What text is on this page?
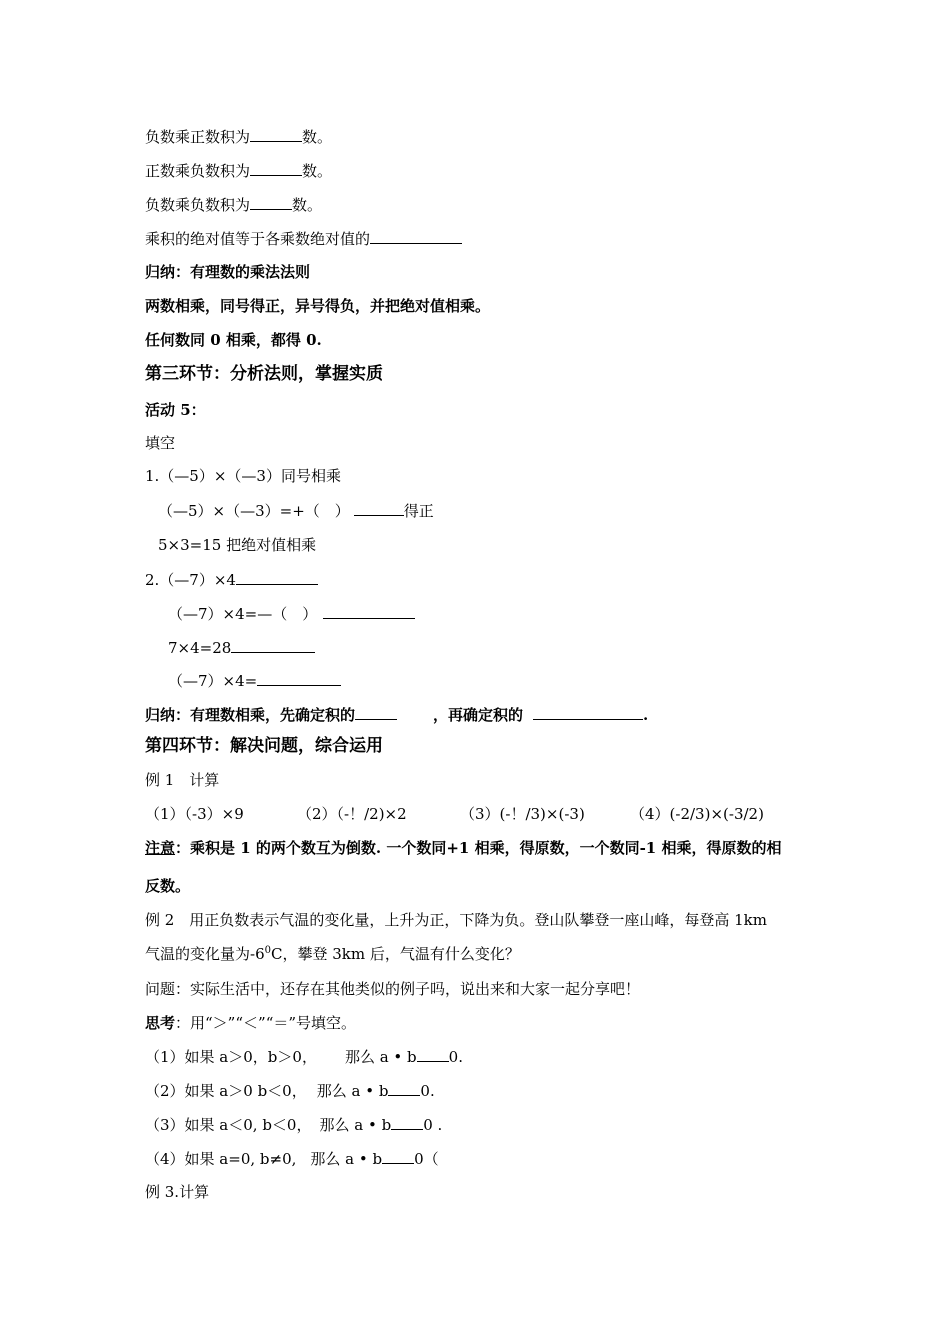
负数乘正数积为	数。
正数乘负数积为	数。
负数乘负数积为	数。
乘积的绝对值等于各乘数绝对值的
归纳：有理数的乘法法则
两数相乘，同号得正，异号得负，并把绝对值相乘。
任何数同 0 相乘，都得 0.
第三环节：分析法则，掌握实质
活动 5：
填空
1.（—5）×（—3）同号相乘
（—5）×（—3）=+（　）	得正
5×3=15 把绝对值相乘
2.（—7）×4
（—7）×4=—（　）
7×4=28
（—7）×4=
归纳：有理数相乘，先确定积的	，再确定积的	.
第四环节：解决问题，综合运用
例 1　计算
（1）（-3）×9	（2）（-！/2)×2	（3）(-！/3)×(-3)	（4）(-2/3)×(-3/2)
注意：乘积是 1 的两个数互为倒数. 一个数同+1 相乘，得原数，一个数同-1 相乘，得原数的相
反数。
例 2　用正负数表示气温的变化量，上升为正，下降为负。登山队攀登一座山峰，每登高 1km
气温的变化量为$-6^0C$，攀登 3km 后，气温有什么变化？
问题：实际生活中，还存在其他类似的例子吗，说出来和大家一起分享吧！
思考：用“＞”“＜”“＝”号填空。
（1）如果 a＞0，b＞0， 那么 a • b 0.
（2）如果 a＞0 b＜0， 那么 a • b 0.
（3）如果 a＜0, b＜0， 那么 a • b 0 .
（4）如果 a=0, b≠0, 那么 a • b 0（
例 3.计算
